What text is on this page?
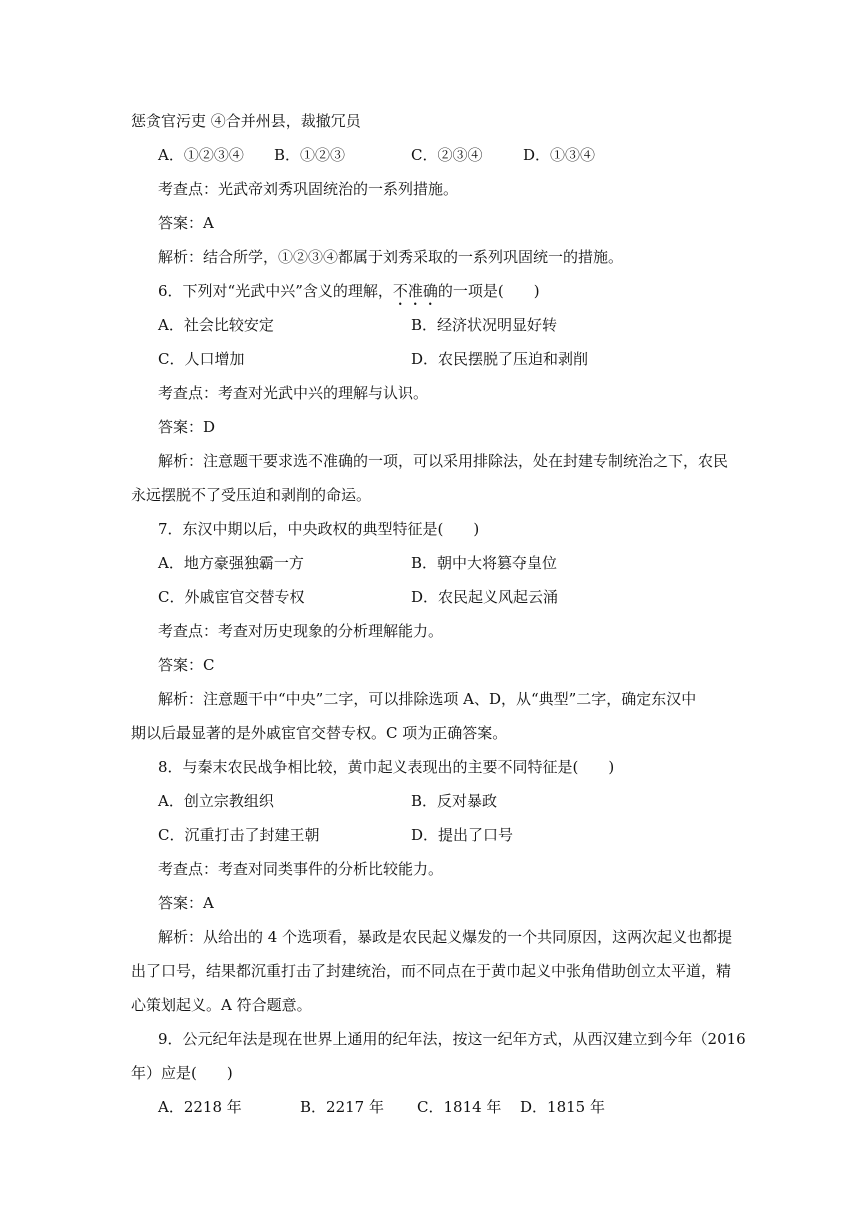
惩贪官污吏 ④合并州县，裁撤冗员
A．①②③④ B．①②③	C．②③④	D．①③④
考查点：光武帝刘秀巩固统治的一系列措施。
答案：A
解析：结合所学，①②③④都属于刘秀采取的一系列巩固统一的措施。
6．下列对“光武中兴”含义的理解，不准确的一项是(　　)
A．社会比较安定	B．经济状况明显好转
C．人口增加	D．农民摆脱了压迫和剥削
考查点：考查对光武中兴的理解与认识。
答案：D
解析：注意题干要求选不准确的一项，可以采用排除法，处在封建专制统治之下，农民
永远摆脱不了受压迫和剥削的命运。
7．东汉中期以后，中央政权的典型特征是(　　)
A．地方豪强独霸一方	B．朝中大将篡夺皇位
C．外戚宦官交替专权	D．农民起义风起云涌
考查点：考查对历史现象的分析理解能力。
答案：C
解析：注意题干中“中央”二字，可以排除选项 A、D，从“典型”二字，确定东汉中
期以后最显著的是外戚宦官交替专权。C 项为正确答案。
8．与秦末农民战争相比较，黄巾起义表现出的主要不同特征是(　　)
A．创立宗教组织	B．反对暴政
C．沉重打击了封建王朝	D．提出了口号
考查点：考查对同类事件的分析比较能力。
答案：A
解析：从给出的 4 个选项看，暴政是农民起义爆发的一个共同原因，这两次起义也都提
出了口号，结果都沉重打击了封建统治，而不同点在于黄巾起义中张角借助创立太平道，精
心策划起义。A 符合题意。
9．公元纪年法是现在世界上通用的纪年法，按这一纪年方式，从西汉建立到今年（2016
年）应是(　　)
A．2218 年	B．2217 年 C．1814 年 D．1815 年
